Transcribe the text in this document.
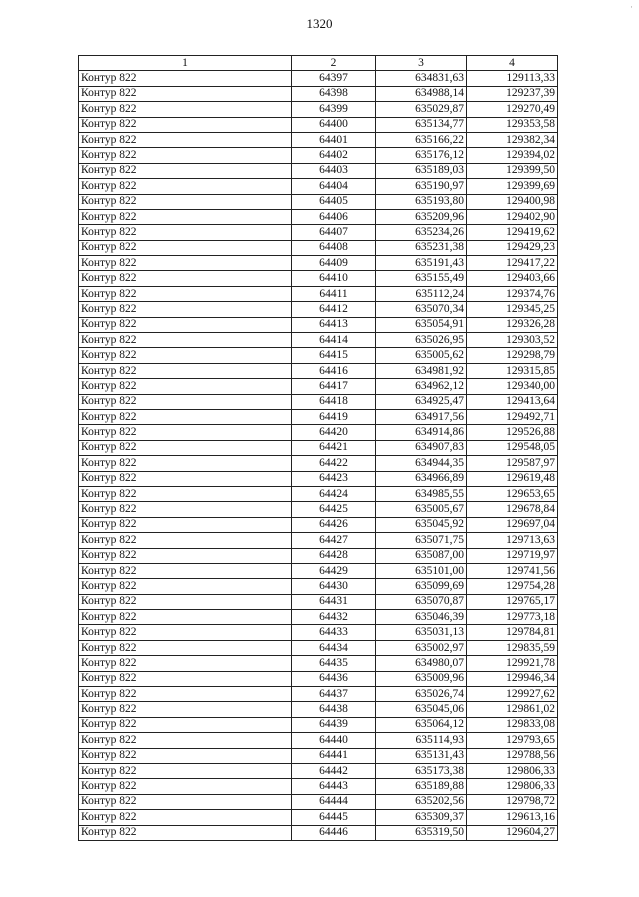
1320
·
1	2	3	4
Контур 822	64397	634831,63	129113,33
Контур 822	64398	634988,14	129237,39
Контур 822	64399	635029,87	129270,49
Контур 822	64400	635134,77	129353,58
Контур 822	64401	635166,22	129382,34
Контур 822	64402	635176,12	129394,02
Контур 822	64403	635189,03	129399,50
Контур 822	64404	635190,97	129399,69
Контур 822	64405	635193,80	129400,98
Контур 822	64406	635209,96	129402,90
Контур 822	64407	635234,26	129419,62
Контур 822	64408	635231,38	129429,23
Контур 822	64409	635191,43	129417,22
Контур 822	64410	635155,49	129403,66
Контур 822	64411	635112,24	129374,76
Контур 822	64412	635070,34	129345,25
Контур 822	64413	635054,91	129326,28
Контур 822	64414	635026,95	129303,52
Контур 822	64415	635005,62	129298,79
Контур 822	64416	634981,92	129315,85
Контур 822	64417	634962,12	129340,00
Контур 822	64418	634925,47	129413,64
Контур 822	64419	634917,56	129492,71
Контур 822	64420	634914,86	129526,88
Контур 822	64421	634907,83	129548,05
Контур 822	64422	634944,35	129587,97
Контур 822	64423	634966,89	129619,48
Контур 822	64424	634985,55	129653,65
Контур 822	64425	635005,67	129678,84
Контур 822	64426	635045,92	129697,04
Контур 822	64427	635071,75	129713,63
Контур 822	64428	635087,00	129719,97
Контур 822	64429	635101,00	129741,56
Контур 822	64430	635099,69	129754,28
Контур 822	64431	635070,87	129765,17
Контур 822	64432	635046,39	129773,18
Контур 822	64433	635031,13	129784,81
Контур 822	64434	635002,97	129835,59
Контур 822	64435	634980,07	129921,78
Контур 822	64436	635009,96	129946,34
Контур 822	64437	635026,74	129927,62
Контур 822	64438	635045,06	129861,02
Контур 822	64439	635064,12	129833,08
Контур 822	64440	635114,93	129793,65
Контур 822	64441	635131,43	129788,56
Контур 822	64442	635173,38	129806,33
Контур 822	64443	635189,88	129806,33
Контур 822	64444	635202,56	129798,72
Контур 822	64445	635309,37	129613,16
Контур 822	64446	635319,50	129604,27
